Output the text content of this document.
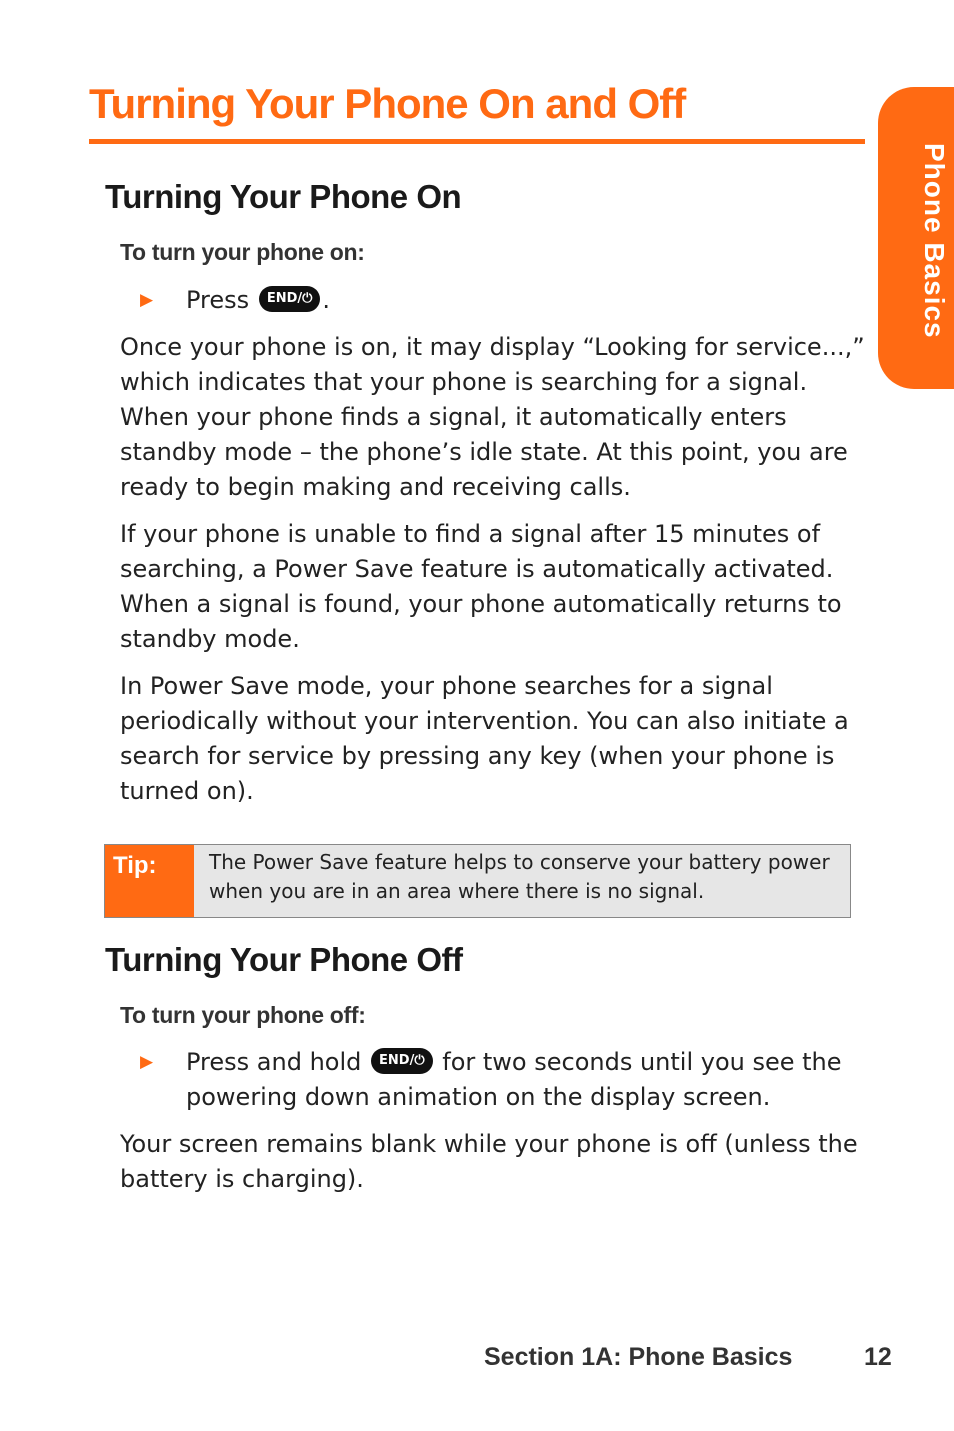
Turning Your Phone On and Off
Phone Basics
Turning Your Phone On
To turn your phone on:
▶ Press END/⏻ .

Once your phone is on, it may display “Looking for service...,” which indicates that your phone is searching for a signal. When your phone finds a signal, it automatically enters standby mode – the phone’s idle state. At this point, you are ready to begin making and receiving calls.

If your phone is unable to find a signal after 15 minutes of searching, a Power Save feature is automatically activated. When a signal is found, your phone automatically returns to standby mode.

In Power Save mode, your phone searches for a signal periodically without your intervention. You can also initiate a search for service by pressing any key (when your phone is turned on).

Tip:	The Power Save feature helps to conserve your battery power when you are in an area where there is no signal.
Turning Your Phone Off
To turn your phone off:
▶ Press and hold END/⏻ for two seconds until you see the powering down animation on the display screen.

Your screen remains blank while your phone is off (unless the battery is charging).

Section 1A: Phone Basics	12
